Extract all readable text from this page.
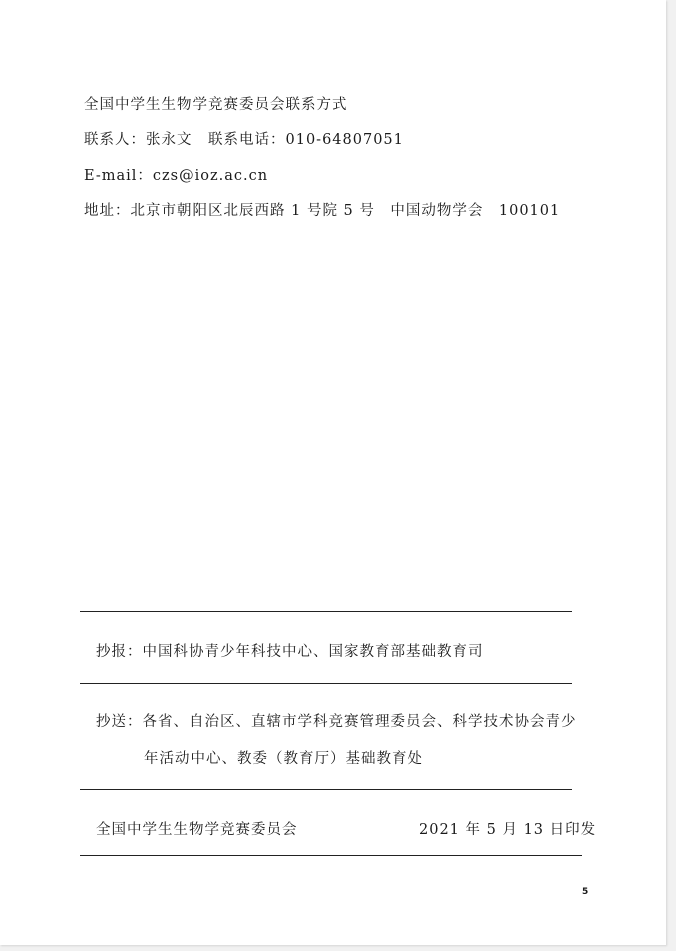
全国中学生生物学竞赛委员会联系方式
联系人：张永文　联系电话：010-64807051
E-mail：czs@ioz.ac.cn
地址：北京市朝阳区北辰西路 1 号院 5 号　中国动物学会　100101
抄报：中国科协青少年科技中心、国家教育部基础教育司
抄送：各省、自治区、直辖市学科竞赛管理委员会、科学技术协会青少
年活动中心、教委（教育厅）基础教育处
全国中学生生物学竞赛委员会	2021 年 5 月 13 日印发
5
